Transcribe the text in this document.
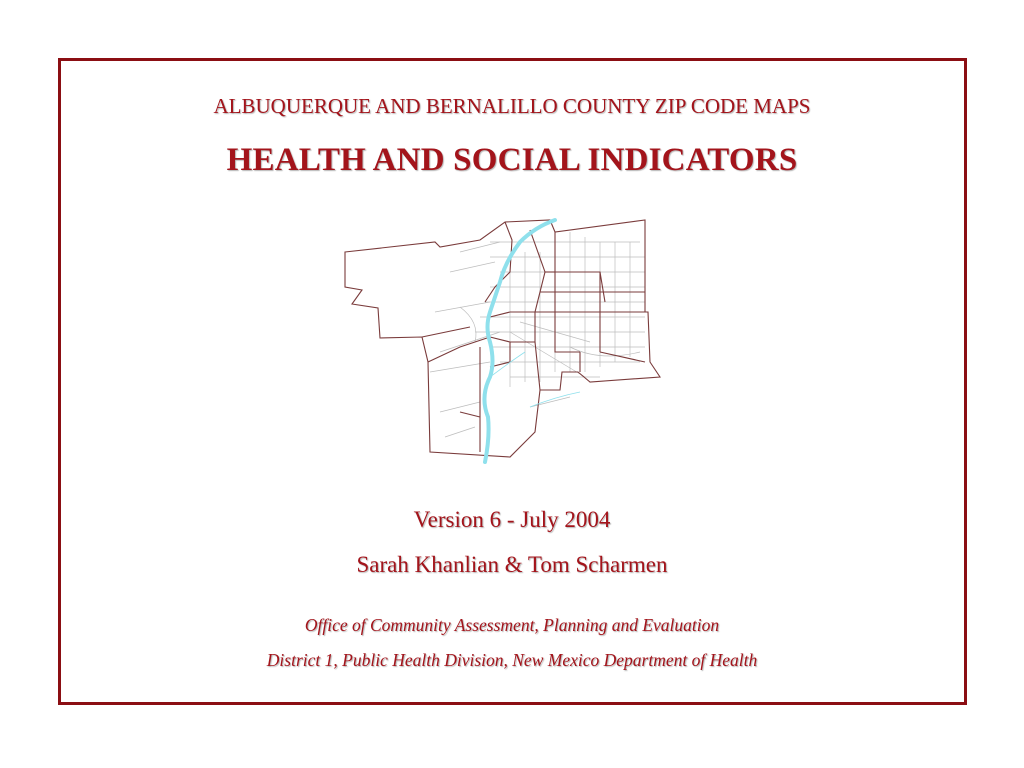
ALBUQUERQUE AND BERNALILLO COUNTY ZIP CODE MAPS
HEALTH AND SOCIAL INDICATORS
Version 6 - July 2004
Sarah Khanlian & Tom Scharmen
Office of Community Assessment, Planning and Evaluation
District 1, Public Health Division, New Mexico Department of Health
